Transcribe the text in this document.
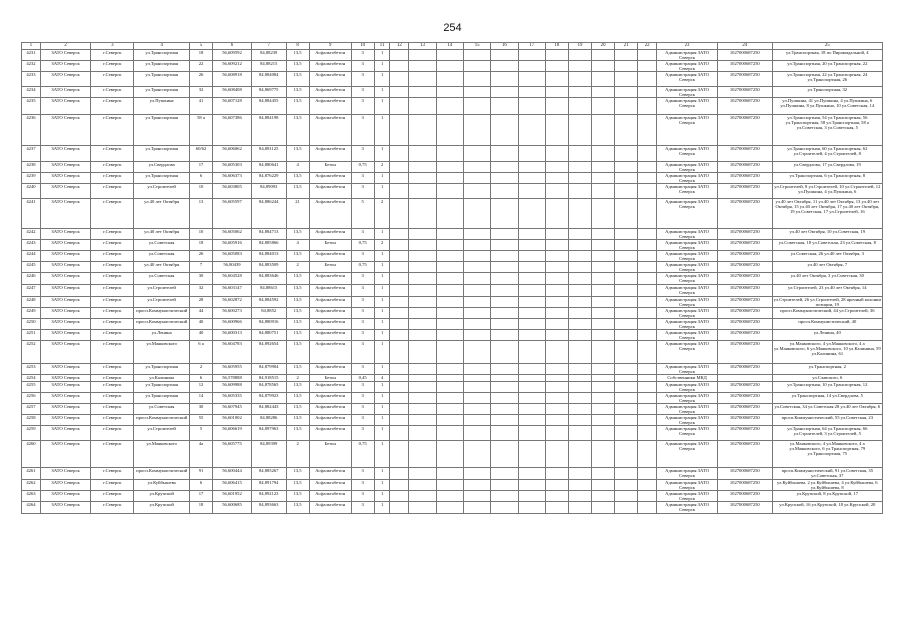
254
1	2	3	4	5	6	7	8	9	10	11	12	13	14	15	16	17	18	19	20	21	22	23	24	25
4231	ЗАТО Северск	г.Северск	ул.Транспортная	18	56,609592	84,88239	13,5	Асфальтобетон	3	1												Администрация ЗАТО Северск	1027000687250	ул.Транспортная, 18 по Пирамидальной, 4
4232	ЗАТО Северск	г.Северск	ул.Транспортная	22	56,609212	84,88215	13,5	Асфальтобетон	3	1												Администрация ЗАТО Северск	1027000687250	ул.Транспортная, 20 ул.Транспортная, 22
4233	ЗАТО Северск	г.Северск	ул.Транспортная	26	56,608918	84,884084	13,5	Асфальтобетон	3	1												Администрация ЗАТО Северск	1027000687250	ул.Транспортная, 22 ул.Транспортная, 24 ул.Транспортная, 26
4234	ЗАТО Северск	г.Северск	ул.Транспортная	32	56,608408	84,869775	13,5	Асфальтобетон	3	1												Администрация ЗАТО Северск	1027000687250	ул.Транспортная, 32
4235	ЗАТО Северск	г.Северск	ул.Пушкина	41	56,607128	84,884455	13,5	Асфальтобетон	3	1												Администрация ЗАТО Северск	1027000687250	ул.Пушкина, 41 ул.Пушкина, 4 ул.Пушкина, 6 ул.Пушкина, 8 ул.Пушкина, 10 ул.Советская, 14
4236	ЗАТО Северск	г.Северск	ул.Транспортная	58 а	56,607386	84,884198	13,5	Асфальтобетон	3	1												Администрация ЗАТО Северск	1027000687250	ул.Транспортная, 54 ул.Транспортная, 56 ул.Транспортная, 58 ул.Транспортная, 58 а ул.Советская, 3 ул.Советская, 5
4237	ЗАТО Северск	г.Северск	ул.Транспортная	60/62	56,606062	84,881125	13,5	Асфальтобетон	3	1												Администрация ЗАТО Северск	1027000687250	ул.Транспортная, 60 ул.Транспортная, 62 ул.Строителей, 4 ул.Строителей, 8
4238	ЗАТО Северск	г.Северск	ул.Свердлова	17	56,605303	84,880641	4	Бетон	0,75	2												Администрация ЗАТО Северск	1027000687250	ул.Свердлова, 17 ул.Свердлова, 19
4239	ЗАТО Северск	г.Северск	ул.Транспортная	6	56,606373	84,876229	13,5	Асфальтобетон	3	1												Администрация ЗАТО Северск	1027000687250	ул.Транспортная, 6 ул.Транспортная, 8
4240	ЗАТО Северск	г.Северск	ул.Строителей	10	56,603805	84,89093	13,5	Асфальтобетон	3	1												Администрация ЗАТО Северск	1027000687250	ул.Строителей, 8 ул.Строителей, 10 ул.Строителей, 12 ул.Пушкина, 4 ул.Пушкина, 6
4241	ЗАТО Северск	г.Северск	ул.40 лет Октября	13	56,605597	84,886244	21	Асфальтобетон	5	2												Администрация ЗАТО Северск	1027000687250	ул.40 лет Октября, 11 ул.40 лет Октября, 13 ул.40 лет Октября, 15 ул.40 лет Октября, 17 ул.40 лет Октября, 19 ул.Советская, 17 ул.Строителей, 16
4242	ЗАТО Северск	г.Северск	ул.40 лет Октября	10	56,605062	84,884713	13,5	Асфальтобетон	3	1												Администрация ЗАТО Северск	1027000687250	ул.40 лет Октября, 10 ул.Советская, 19
4243	ЗАТО Северск	г.Северск	ул.Советская	18	56,605916	84,885866	4	Бетон	0,75	2												Администрация ЗАТО Северск	1027000687250	ул.Советская, 18 ул.Советская, 23 ул.Советская, 8
4244	ЗАТО Северск	г.Северск	ул.Советская	26	56,605083	84,884013	13,5	Асфальтобетон	3	1												Администрация ЗАТО Северск	1027000687250	ул.Советская, 26 ул.40 лет Октября, 3
4245	ЗАТО Северск	г.Северск	ул.40 лет Октября	7	56,80439	84,883509	2	Бетон	0,75	1												Администрация ЗАТО Северск	1027000687250	ул.40 лет Октября, 7
4246	ЗАТО Северск	г.Северск	ул.Советская	30	56,604528	84,883646	13,5	Асфальтобетон	3	1												Администрация ЗАТО Северск	1027000687250	ул.40 лет Октября, 3 ул.Советская, 30
4247	ЗАТО Северск	г.Северск	ул.Строителей	32	56,603147	84,88615	13,5	Асфальтобетон	3	1												Администрация ЗАТО Северск	1027000687250	ул.Строителей, 23 ул.40 лет Октября, 14
4248	ЗАТО Северск	г.Северск	ул.Строителей	28	56,602872	84,884592	13,5	Асфальтобетон	3	1												Администрация ЗАТО Северск	1027000687250	ул.Строителей, 26 ул.Строителей, 28 ярочный колонии позиции, 19
4249	ЗАТО Северск	г.Северск	просп.Коммунистический	44	56,600273	84,8852	13,5	Асфальтобетон	3	1												Администрация ЗАТО Северск	1027000687250	просп.Коммунистический, 44 ул.Строителей, 36
4250	ЗАТО Северск	г.Северск	просп.Коммунистический	40	56,600966	84,880916	13,5	Асфальтобетон	3	1												Администрация ЗАТО Северск	1027000687250	просп.Коммунистический, 40
4251	ЗАТО Северск	г.Северск	ул.Ленина	40	56,600313	84,880751	13,5	Асфальтобетон	3	1												Администрация ЗАТО Северск	1027000687250	ул.Ленина, 40
4252	ЗАТО Северск	г.Северск	ул.Маяковского	6 а	56,604783	84,892654	13,5	Асфальтобетон	3	1												Администрация ЗАТО Северск	1027000687250	ул.Маяковского, 4 ул.Маяковского, 4 а ул.Маяковского, 6 ул.Маяковского, 10 ул.Калинина, 59 ул.Калинина, 61
4253	ЗАТО Северск	г.Северск	ул.Транспортная	2	56,605955	84,879904	13,5	Асфальтобетон	3	1												Администрация ЗАТО Северск	1027000687250	ул.Транспортная, 2
4254	ЗАТО Северск	г.Северск	ул.Калинина	6	56,578888	84,918515	2	Бетон	0,45	4												Собственники МКД		ул.Славского, 6
4255	ЗАТО Северск	г.Северск	ул.Транспортная	12	56,609988	84,878565	13,5	Асфальтобетон	3	1												Администрация ЗАТО Северск	1027000687250	ул.Транспортная, 10 ул.Транспортная, 12
4256	ЗАТО Северск	г.Северск	ул.Транспортная	14	56,605335	84,879923	13,5	Асфальтобетон	3	1												Администрация ЗАТО Северск	1027000687250	ул.Транспортная, 14 ул.Свердлова, 5
4257	ЗАТО Северск	г.Северск	ул.Советская	30	56,607945	84,882443	13,5	Асфальтобетон	3	1												Администрация ЗАТО Северск	1027000687250	ул.Советская, 34 ул.Советская 28 ул.40 лет Октября, 6
4258	ЗАТО Северск	г.Северск	просп.Коммунистический	55	56,601002	84,88286	13,5	Асфальтобетон	3	1												Администрация ЗАТО Северск	1027000687250	просп.Коммунистический, 55 ул.Советская, 23
4259	ЗАТО Северск	г.Северск	ул.Строителей	5	56,606619	84,897963	13,5	Асфальтобетон	3	1												Администрация ЗАТО Северск	1027000687250	ул.Транспортная, 64 ул.Транспортная, 66 ул.Строителей, 3 ул.Строителей, 5
4260	ЗАТО Северск	г.Северск	ул.Маяковского	4а	56,605775	84,89399	2	Бетон	0,75	1												Администрация ЗАТО Северск	1027000687250	ул.Маяковского, 4 ул.Маяковского, 4 а ул.Маяковского, 6 ул.Транспортная, 79 ул.Транспортная, 75
4261	ЗАТО Северск	г.Северск	просп.Коммунистический	91	56,600444	84,885267	13,5	Асфальтобетон	3	1												Администрация ЗАТО Северск	1027000687250	просп.Коммунистический, 91 ул.Советская, 35 ул.Советская, 37
4262	ЗАТО Северск	г.Северск	ул.Куйбышева	6	56,606415	84,891794	13,5	Асфальтобетон	3	1												Администрация ЗАТО Северск	1027000687250	ул.Куйбышева, 2 ул.Куйбышева, 4 ул.Куйбышева, 6 ул.Куйбышева, 8
4263	ЗАТО Северск	г.Северск	ул.Крупской	17	56,601952	84,892123	13,5	Асфальтобетон	3	1												Администрация ЗАТО Северск	1027000687250	ул.Крупской, 8 ул.Крупской, 17
4264	ЗАТО Северск	г.Северск	ул.Крупской	18	56,600685	84,893663	13,5	Асфальтобетон	3	1												Администрация ЗАТО Северск	1027000687250	ул.Крупской, 16 ул.Крупской, 18 ул.Крупской, 20
